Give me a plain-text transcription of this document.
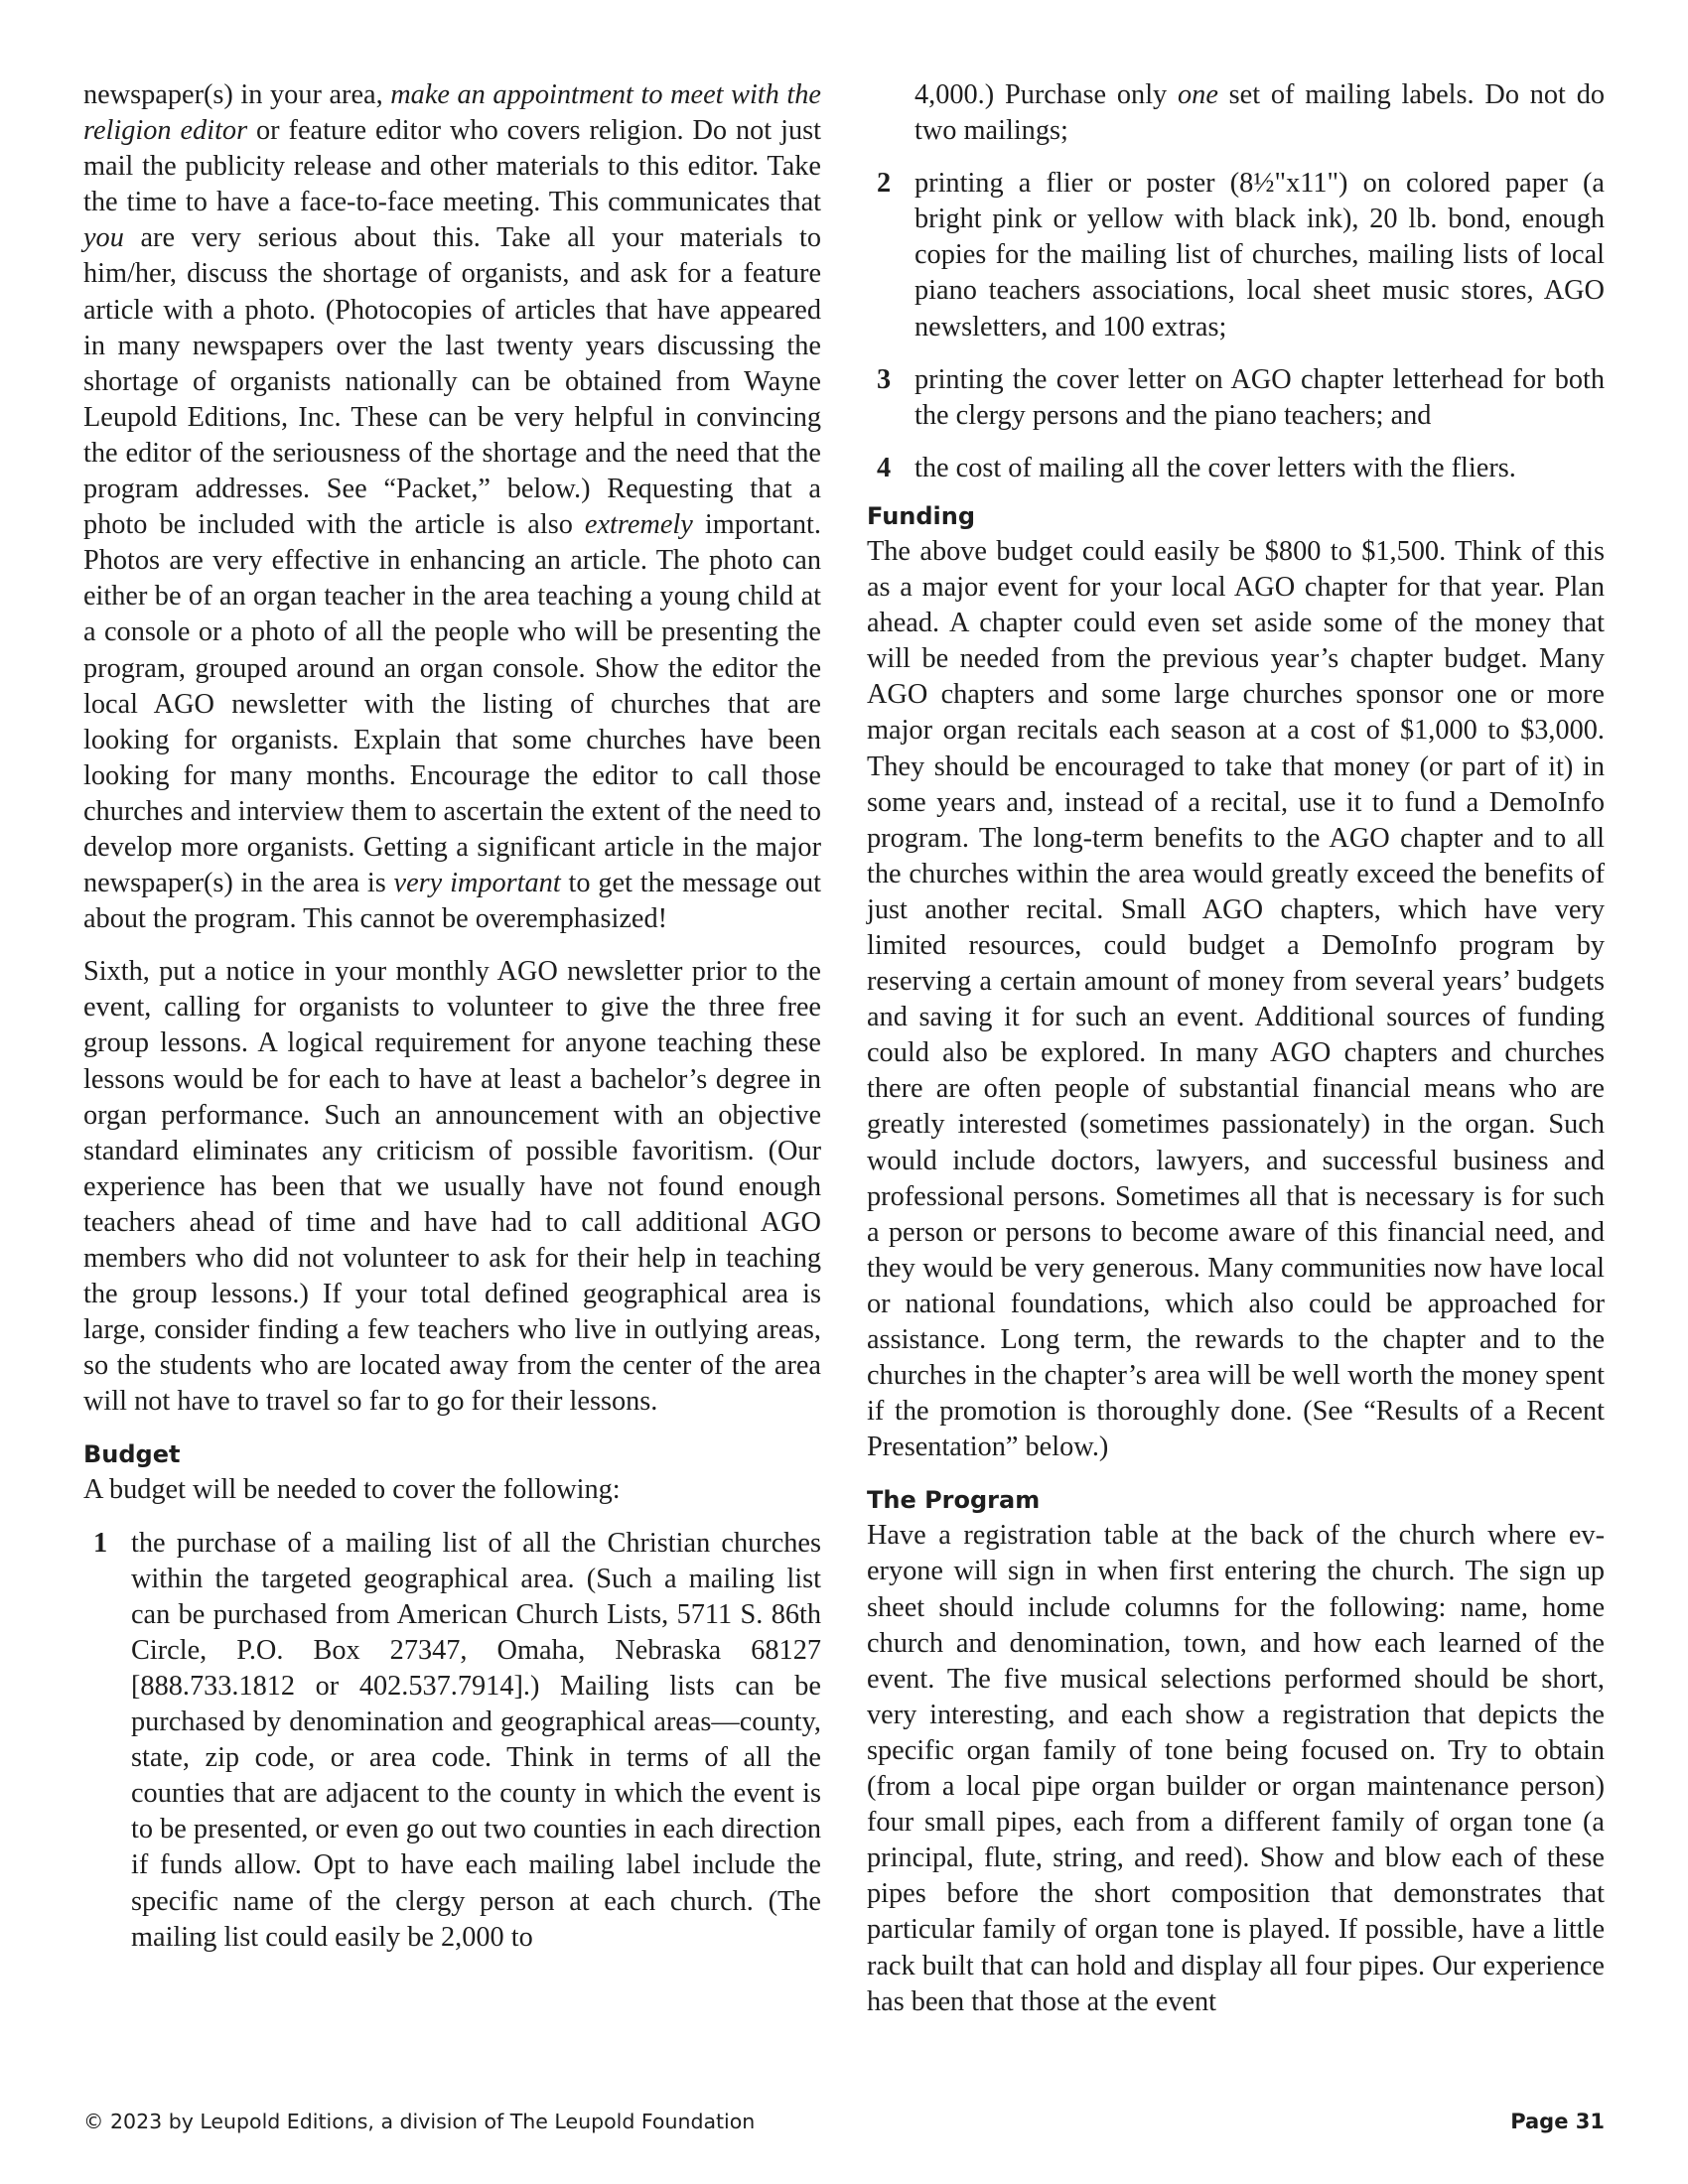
newspaper(s) in your area, make an appointment to meet with the religion editor or feature editor who covers religion. Do not just mail the publicity release and other materials to this editor. Take the time to have a face-to-face meeting. This communicates that you are very serious about this. Take all your materials to him/her, discuss the shortage of organists, and ask for a feature article with a photo. (Photocopies of articles that have appeared in many newspapers over the last twenty years discussing the shortage of organists nationally can be obtained from Wayne Leupold Editions, Inc. These can be very helpful in convincing the editor of the seriousness of the shortage and the need that the program addresses. See “Packet,” below.) Requesting that a photo be included with the article is also extremely important. Photos are very effective in enhancing an article. The photo can either be of an organ teacher in the area teaching a young child at a console or a photo of all the people who will be presenting the program, grouped around an organ console. Show the editor the local AGO newsletter with the listing of churches that are looking for organists. Explain that some churches have been looking for many months. Encourage the editor to call those churches and interview them to ascertain the extent of the need to develop more organists. Getting a significant article in the major newspaper(s) in the area is very important to get the message out about the program. This cannot be overemphasized!

Sixth, put a notice in your monthly AGO newsletter prior to the event, calling for organists to volunteer to give the three free group lessons. A logical requirement for anyone teaching these lessons would be for each to have at least a bachelor’s degree in organ performance. Such an announcement with an objective standard eliminates any criticism of possible favoritism. (Our experience has been that we usually have not found enough teachers ahead of time and have had to call additional AGO members who did not volunteer to ask for their help in teaching the group lessons.) If your total defined geographical area is large, consider finding a few teachers who live in outlying areas, so the students who are located away from the center of the area will not have to travel so far to go for their lessons.

Budget

A budget will be needed to cover the following:

1 the purchase of a mailing list of all the Christian churches within the targeted geographical area. (Such a mailing list can be purchased from American Church Lists, 5711 S. 86th Circle, P.O. Box 27347, Omaha, Nebraska 68127 [888.733.1812 or 402.537.7914].) Mailing lists can be purchased by denomination and geographical areas—county, state, zip code, or area code. Think in terms of all the counties that are adjacent to the county in which the event is to be presented, or even go out two counties in each direction if funds allow. Opt to have each mailing label include the specific name of the clergy person at each church. (The mailing list could easily be 2,000 to

4,000.) Purchase only one set of mailing labels. Do not do two mailings;

2 printing a flier or poster (8½"x11") on colored paper (a bright pink or yellow with black ink), 20 lb. bond, enough copies for the mailing list of churches, mailing lists of local piano teachers associations, local sheet music stores, AGO newsletters, and 100 extras;

3 printing the cover letter on AGO chapter letterhead for both the clergy persons and the piano teachers; and

4 the cost of mailing all the cover letters with the fliers.

Funding

The above budget could easily be $800 to $1,500. Think of this as a major event for your local AGO chapter for that year. Plan ahead. A chapter could even set aside some of the money that will be needed from the previous year’s chapter budget. Many AGO chapters and some large churches sponsor one or more major organ recitals each season at a cost of $1,000 to $3,000. They should be encouraged to take that money (or part of it) in some years and, instead of a recital, use it to fund a DemoInfo program. The long-term benefits to the AGO chapter and to all the churches within the area would greatly exceed the benefits of just another recital. Small AGO chapters, which have very limited resources, could budget a DemoInfo program by reserving a certain amount of money from several years’ budgets and saving it for such an event. Additional sources of funding could also be explored. In many AGO chapters and churches there are often people of substantial financial means who are greatly interested (sometimes passionately) in the organ. Such would include doctors, lawyers, and successful business and professional persons. Sometimes all that is necessary is for such a person or persons to become aware of this financial need, and they would be very generous. Many communities now have local or national foundations, which also could be approached for assistance. Long term, the rewards to the chapter and to the churches in the chapter’s area will be well worth the money spent if the promotion is thoroughly done. (See “Results of a Recent Presentation” below.)

The Program

Have a registration table at the back of the church where everyone will sign in when first entering the church. The sign up sheet should include columns for the following: name, home church and denomination, town, and how each learned of the event. The five musical selections performed should be short, very interesting, and each show a registration that depicts the specific organ family of tone being focused on. Try to obtain (from a local pipe organ builder or organ maintenance person) four small pipes, each from a different family of organ tone (a principal, flute, string, and reed). Show and blow each of these pipes before the short composition that demonstrates that particular family of organ tone is played. If possible, have a little rack built that can hold and display all four pipes. Our experience has been that those at the event

© 2023 by Leupold Editions, a division of The Leupold Foundation	Page 31
